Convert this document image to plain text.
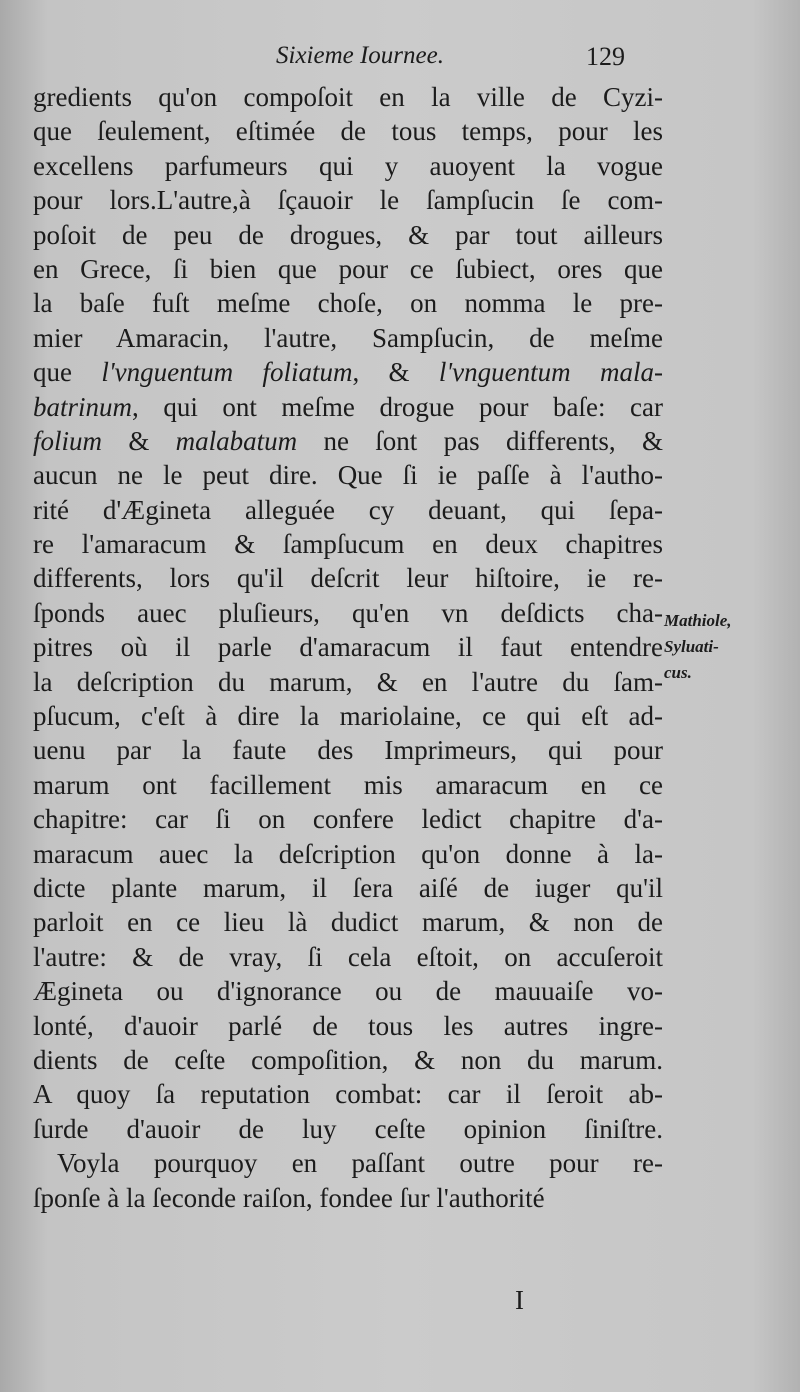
Sixieme Iournee.	129
gredients qu'on compoſoit en la ville de Cyzi-
que ſeulement, eſtimée de tous temps, pour les
excellens parfumeurs qui y auoyent la vogue
pour lors.L'autre,à ſçauoir le ſampſucin ſe com-
poſoit de peu de drogues, & par tout ailleurs
en Grece, ſi bien que pour ce ſubiect, ores que
la baſe fuſt meſme choſe, on nomma le pre-
mier Amaracin, l'autre, Sampſucin, de meſme
que l'vnguentum foliatum, & l'vnguentum mala-
batrinum, qui ont meſme drogue pour baſe: car
folium & malabatum ne ſont pas differents, &
aucun ne le peut dire. Que ſi ie paſſe à l'autho-
rité d'Ægineta alleguée cy deuant, qui ſepa-
re l'amaracum & ſampſucum en deux chapitres
differents, lors qu'il deſcrit leur hiſtoire, ie re-
ſponds auec pluſieurs, qu'en vn deſdicts cha-
pitres où il parle d'amaracum il faut entendre
la deſcription du marum, & en l'autre du ſam-
pſucum, c'eſt à dire la mariolaine, ce qui eſt ad-
uenu par la faute des Imprimeurs, qui pour
marum ont facillement mis amaracum en ce
chapitre: car ſi on confere ledict chapitre d'a-
maracum auec la deſcription qu'on donne à la-
dicte plante marum, il ſera aiſé de iuger qu'il
parloit en ce lieu là dudict marum, & non de
l'autre: & de vray, ſi cela eſtoit, on accuſeroit
Ægineta ou d'ignorance ou de mauuaiſe vo-
lonté, d'auoir parlé de tous les autres ingre-
dients de ceſte compoſition, & non du marum.
A quoy ſa reputation combat: car il ſeroit ab-
ſurde d'auoir de luy ceſte opinion ſiniſtre.
Voyla pourquoy en paſſant outre pour re-
ſponſe à la ſeconde raiſon, fondee ſur l'authorité
Mathiole,
Syluati-
cus.
I
